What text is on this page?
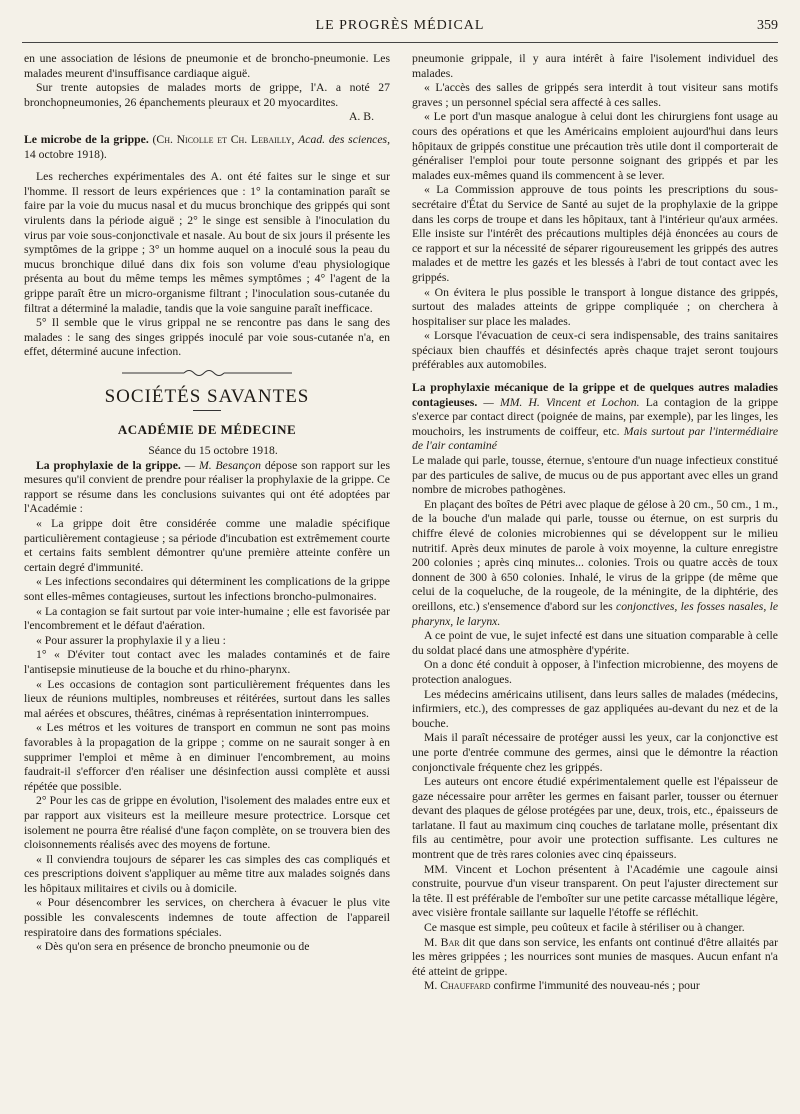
LE PROGRÈS MÉDICAL	359

en une association de lésions de pneumonie et de broncho-pneumonie. Les malades meurent d'insuffisance cardiaque aiguë.

Sur trente autopsies de malades morts de grippe, l'A. a noté 27 bronchopneumonies, 26 épanchements pleuraux et 20 myocardites.

A. B.

Le microbe de la grippe. (Ch. Nicolle et Ch. Lebailly, Acad. des sciences, 14 octobre 1918).

Les recherches expérimentales des A. ont été faites sur le singe et sur l'homme. Il ressort de leurs expériences que : 1° la contamination paraît se faire par la voie du mucus nasal et du mucus bronchique des grippés qui sont virulents dans la période aiguë ; 2° le singe est sensible à l'inoculation du virus par voie sous-conjonctivale et nasale. Au bout de six jours il présente les symptômes de la grippe ; 3° un homme auquel on a inoculé sous la peau du mucus bronchique dilué dans dix fois son volume d'eau physiologique présenta au bout du même temps les mêmes symptômes ; 4° l'agent de la grippe paraît être un micro-organisme filtrant ; l'inoculation sous-cutanée du filtrat a déterminé la maladie, tandis que la voie sanguine paraît inefficace.

5° Il semble que le virus grippal ne se rencontre pas dans le sang des malades : le sang des singes grippés inoculé par voie sous-cutanée n'a, en effet, déterminé aucune infection.

SOCIÉTÉS SAVANTES
ACADÉMIE DE MÉDECINE

Séance du 15 octobre 1918.

La prophylaxie de la grippe. — M. Besançon dépose son rapport sur les mesures qu'il convient de prendre pour réaliser la prophylaxie de la grippe. Ce rapport se résume dans les conclusions suivantes qui ont été adoptées par l'Académie :

« La grippe doit être considérée comme une maladie spécifique particulièrement contagieuse ; sa période d'incubation est extrêmement courte et certains faits semblent démontrer qu'une première atteinte confère un certain degré d'immunité.

« Les infections secondaires qui déterminent les complications de la grippe sont elles-mêmes contagieuses, surtout les infections broncho-pulmonaires.

« La contagion se fait surtout par voie inter-humaine ; elle est favorisée par l'encombrement et le défaut d'aération.

« Pour assurer la prophylaxie il y a lieu :

1° « D'éviter tout contact avec les malades contaminés et de faire l'antisepsie minutieuse de la bouche et du rhino-pharynx.

« Les occasions de contagion sont particulièrement fréquentes dans les lieux de réunions multiples, nombreuses et réitérées, surtout dans les salles mal aérées et obscures, théâtres, cinémas à représentation ininterrompues.

« Les métros et les voitures de transport en commun ne sont pas moins favorables à la propagation de la grippe ; comme on ne saurait songer à en supprimer l'emploi et même à en diminuer l'encombrement, au moins faudrait-il s'efforcer d'en réaliser une désinfection aussi complète et aussi répétée que possible.

2° Pour les cas de grippe en évolution, l'isolement des malades entre eux et par rapport aux visiteurs est la meilleure mesure protectrice. Lorsque cet isolement ne pourra être réalisé d'une façon complète, on se trouvera bien des cloisonnements réalisés avec des moyens de fortune.

« Il conviendra toujours de séparer les cas simples des cas compliqués et ces prescriptions doivent s'appliquer au même titre aux malades soignés dans les hôpitaux militaires et civils ou à domicile.

« Pour désencombrer les services, on cherchera à évacuer le plus vite possible les convalescents indemnes de toute affection de l'appareil respiratoire dans des formations spéciales.

« Dès qu'on sera en présence de broncho pneumonie ou de

pneumonie grippale, il y aura intérêt à faire l'isolement individuel des malades.

« L'accès des salles de grippés sera interdit à tout visiteur sans motifs graves ; un personnel spécial sera affecté à ces salles.

« Le port d'un masque analogue à celui dont les chirurgiens font usage au cours des opérations et que les Américains emploient aujourd'hui dans leurs hôpitaux de grippés constitue une précaution très utile dont il comporterait de généraliser l'emploi pour toute personne soignant des grippés et par les malades eux-mêmes quand ils commencent à se lever.

« La Commission approuve de tous points les prescriptions du sous-secrétaire d'État du Service de Santé au sujet de la prophylaxie de la grippe dans les corps de troupe et dans les hôpitaux, tant à l'intérieur qu'aux armées. Elle insiste sur l'intérêt des précautions multiples déjà énoncées au cours de ce rapport et sur la nécessité de séparer rigoureusement les grippés des autres malades et de mettre les gazés et les blessés à l'abri de tout contact avec les grippés.

« On évitera le plus possible le transport à longue distance des grippés, surtout des malades atteints de grippe compliquée ; on cherchera à hospitaliser sur place les malades.

« Lorsque l'évacuation de ceux-ci sera indispensable, des trains sanitaires spéciaux bien chauffés et désinfectés après chaque trajet seront toujours préférables aux automobiles.

La prophylaxie mécanique de la grippe et de quelques autres maladies contagieuses. — MM. H. Vincent et Lochon. La contagion de la grippe s'exerce par contact direct (poignée de mains, par exemple), par les linges, les mouchoirs, les instruments de coiffeur, etc. Mais surtout par l'intermédiaire de l'air contaminé

Le malade qui parle, tousse, éternue, s'entoure d'un nuage infectieux constitué par des particules de salive, de mucus ou de pus apportant avec elles un grand nombre de microbes pathogènes.

En plaçant des boîtes de Pétri avec plaque de gélose à 20 cm., 50 cm., 1 m., de la bouche d'un malade qui parle, tousse ou éternue, on est surpris du chiffre élevé de colonies microbiennes qui se développent sur le milieu nutritif. Après deux minutes de parole à voix moyenne, la culture enregistre 200 colonies ; après cinq minutes... colonies. Trois ou quatre accès de toux donnent de 300 à 650 colonies. Inhalé, le virus de la grippe (de même que celui de la coqueluche, de la rougeole, de la méningite, de la diphtérie, des oreillons, etc.) s'ensemence d'abord sur les conjonctives, les fosses nasales, le pharynx, le larynx.

A ce point de vue, le sujet infecté est dans une situation comparable à celle du soldat placé dans une atmosphère d'ypérite.

On a donc été conduit à opposer, à l'infection microbienne, des moyens de protection analogues.

Les médecins américains utilisent, dans leurs salles de malades (médecins, infirmiers, etc.), des compresses de gaz appliquées au-devant du nez et de la bouche.

Mais il paraît nécessaire de protéger aussi les yeux, car la conjonctive est une porte d'entrée commune des germes, ainsi que le démontre la réaction conjonctivale fréquente chez les grippés.

Les auteurs ont encore étudié expérimentalement quelle est l'épaisseur de gaze nécessaire pour arrêter les germes en faisant parler, tousser ou éternuer devant des plaques de gélose protégées par une, deux, trois, etc., épaisseurs de tarlatane. Il faut au maximum cinq couches de tarlatane molle, présentant dix fils au centimètre, pour avoir une protection suffisante. Les cultures ne montrent que de très rares colonies avec cinq épaisseurs.

MM. Vincent et Lochon présentent à l'Académie une cagoule ainsi construite, pourvue d'un viseur transparent. On peut l'ajuster directement sur la tête. Il est préférable de l'emboîter sur une petite carcasse métallique légère, avec visière frontale saillante sur laquelle l'étoffe se réfléchit.

Ce masque est simple, peu coûteux et facile à stériliser ou à changer.

M. Bar dit que dans son service, les enfants ont continué d'être allaités par les mères grippées ; les nourrices sont munies de masques. Aucun enfant n'a été atteint de grippe.

M. Chauffard confirme l'immunité des nouveau-nés ; pour
